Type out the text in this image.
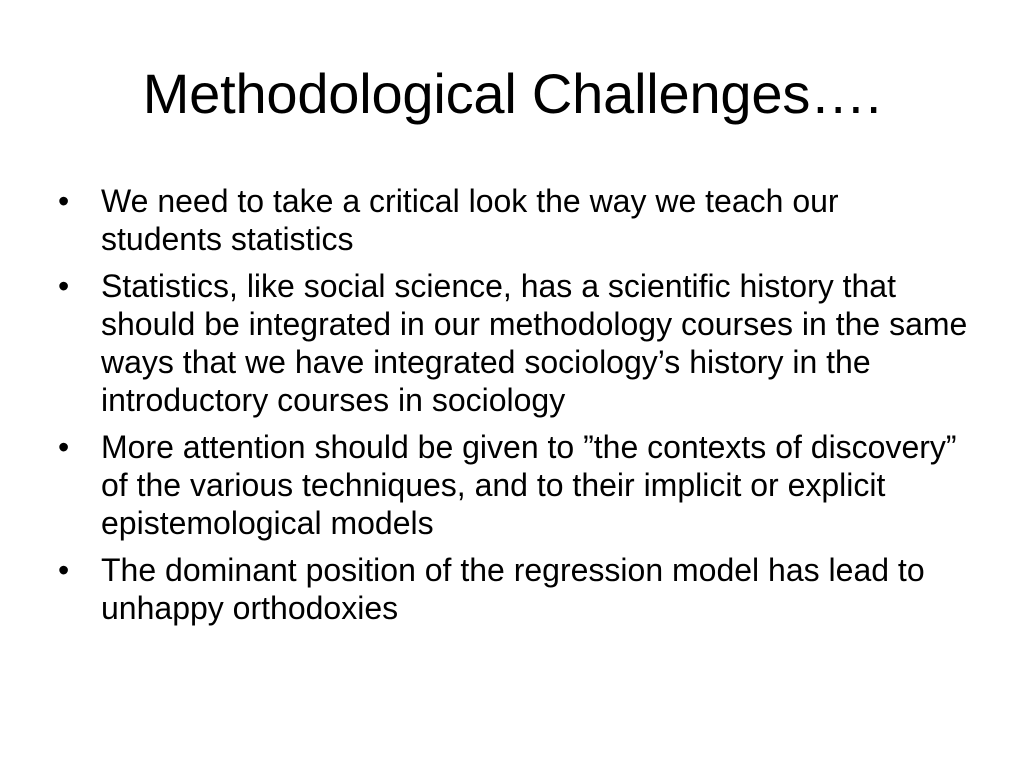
Methodological Challenges….
• We need to take a critical look the way we teach our students statistics
• Statistics, like social science, has a scientific history that should be integrated in our methodology courses in the same ways that we have integrated sociology’s history in the introductory courses in sociology
• More attention should be given to ”the contexts of discovery” of the various techniques, and to their implicit or explicit epistemological models
• The dominant position of the regression model has lead to unhappy orthodoxies
